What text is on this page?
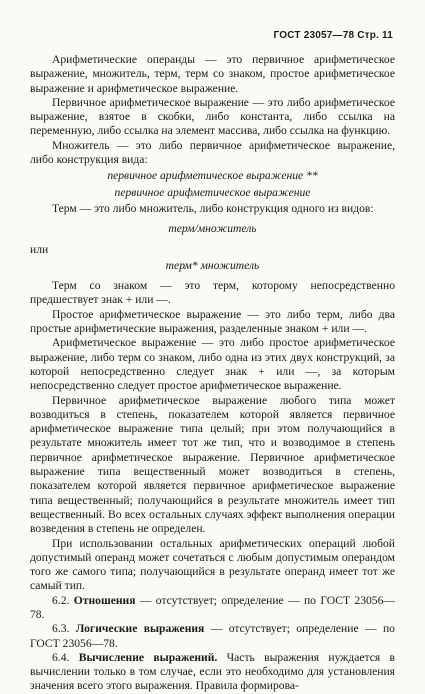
ГОСТ 23057—78 Стр. 11

Арифметические операнды — это первичное арифметическое выражение, множитель, терм, терм со знаком, простое арифметическое выражение и арифметическое выражение.

Первичное арифметическое выражение — это либо арифметическое выражение, взятое в скобки, либо константа, либо ссылка на переменную, либо ссылка на элемент массива, либо ссылка на функцию.

Множитель — это либо первичное арифметическое выражение, либо конструкция вида:

первичное арифметическое выражение **

первичное арифметическое выражение

Терм — это либо множитель, либо конструкция одного из видов:

терм/множитель

или

терм* множитель

Терм со знаком — это терм, которому непосредственно предшествует знак + или —.

Простое арифметическое выражение — это либо терм, либо два простые арифметические выражения, разделенные знаком + или —.

Арифметическое выражение — это либо простое арифметическое выражение, либо терм со знаком, либо одна из этих двух конструкций, за которой непосредственно следует знак + или —, за которым непосредственно следует простое арифметическое выражение.

Первичное арифметическое выражение любого типа может возводиться в степень, показателем которой является первичное арифметическое выражение типа целый; при этом получающийся в результате множитель имеет тот же тип, что и возводимое в степень первичное арифметическое выражение. Первичное арифметическое выражение типа вещественный может возводиться в степень, показателем которой является первичное арифметическое выражение типа вещественный; получающийся в результате множитель имеет тип вещественный. Во всех остальных случаях эффект выполнения операции возведения в степень не определен.

При использовании остальных арифметических операций любой допустимый операнд может сочетаться с любым допустимым операндом того же самого типа; получающийся в результате операнд имеет тот же самый тип.

6.2. Отношения — отсутствует; определение — по ГОСТ 23056—78.

6.3. Логические выражения — отсутствует; определение — по ГОСТ 23056—78.

6.4. Вычисление выражений. Часть выражения нуждается в вычислении только в том случае, если это необходимо для установления значения всего этого выражения. Правила формирова-
